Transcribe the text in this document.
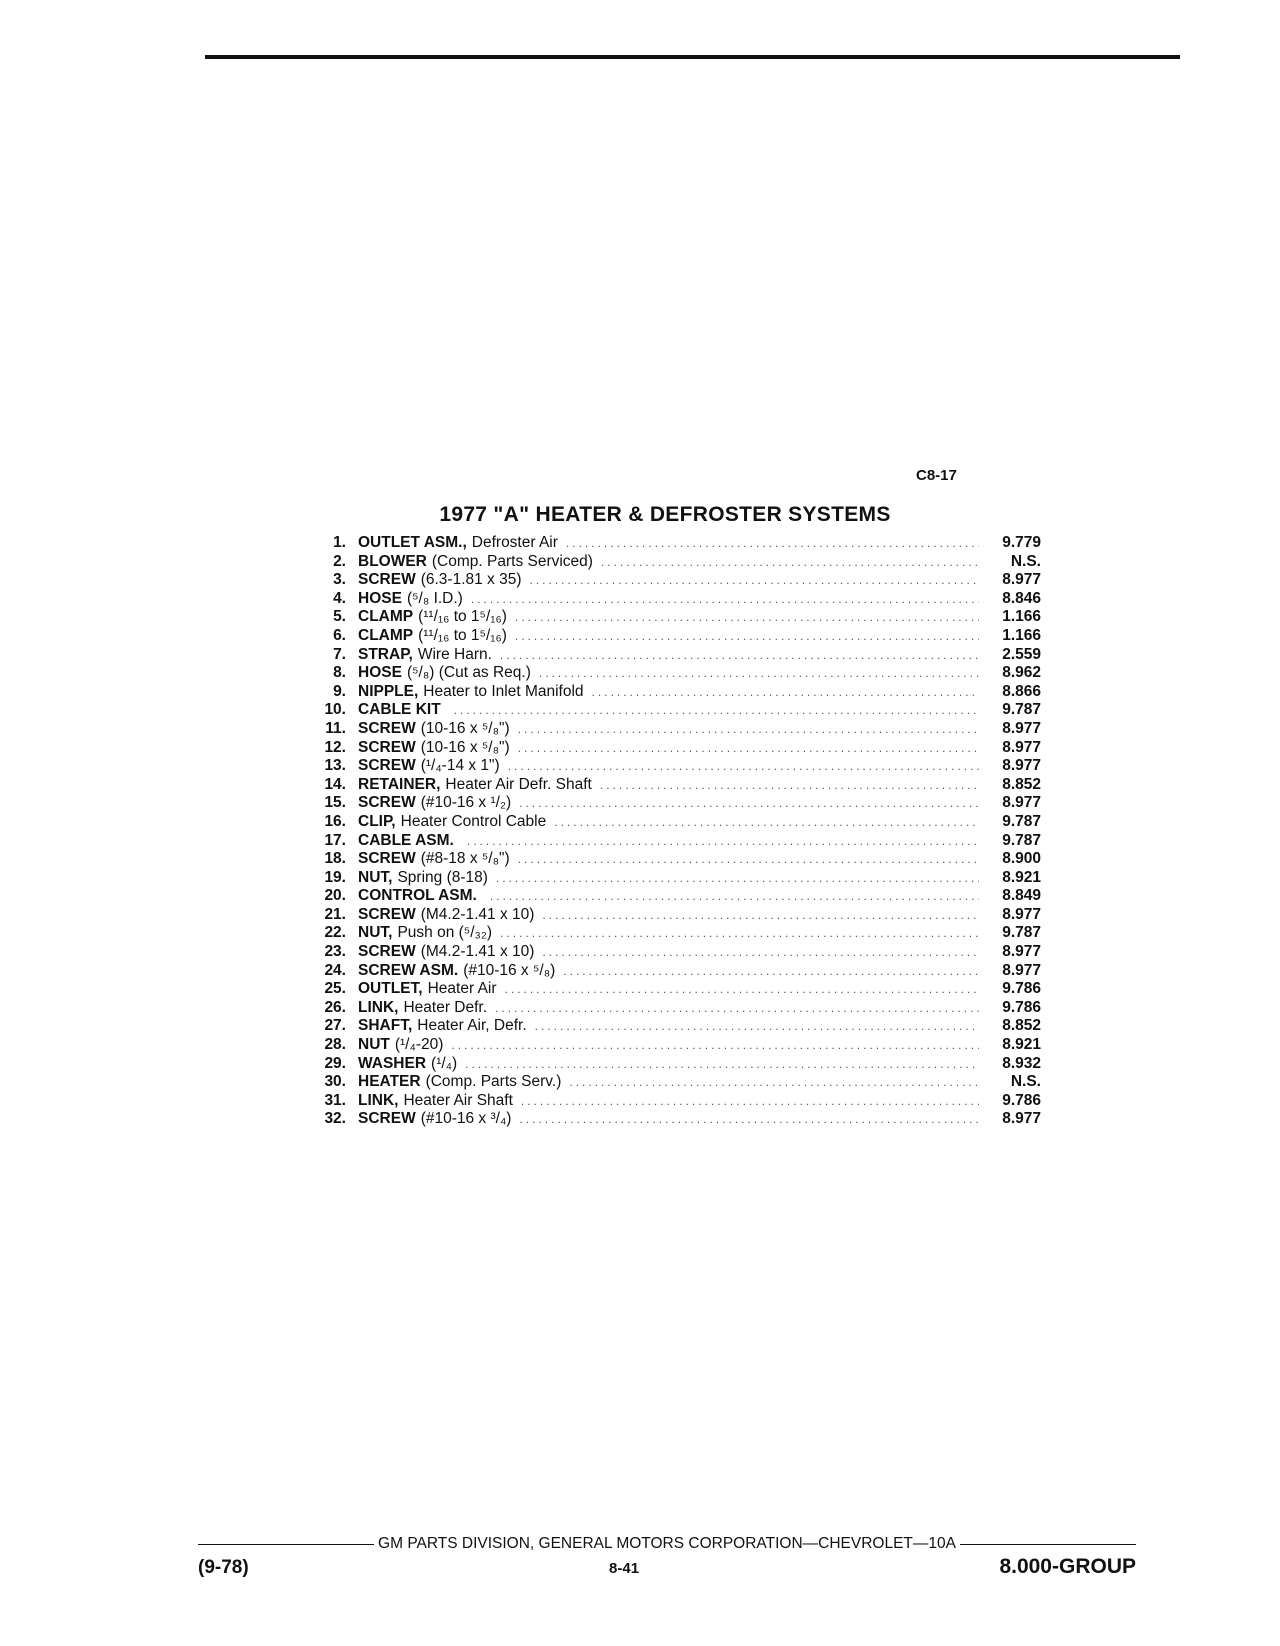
C8-17
1977 "A" HEATER & DEFROSTER SYSTEMS
1. OUTLET ASM., Defroster Air .....	9.779
2. BLOWER (Comp. Parts Serviced) .....	N.S.
3. SCREW (6.3-1.81 x 35) .....	8.977
4. HOSE (⁵/₈ I.D.) .....	8.846
5. CLAMP (¹¹/₁₆ to 1⁵/₁₆) .....	1.166
6. CLAMP (¹¹/₁₆ to 1⁵/₁₆) .....	1.166
7. STRAP, Wire Harn. .....	2.559
8. HOSE (⁵/₈) (Cut as Req.) .....	8.962
9. NIPPLE, Heater to Inlet Manifold .....	8.866
10. CABLE KIT .....	9.787
11. SCREW (10-16 x ⁵/₈") .....	8.977
12. SCREW (10-16 x ⁵/₈") .....	8.977
13. SCREW (¹/₄-14 x 1") .....	8.977
14. RETAINER, Heater Air Defr. Shaft .....	8.852
15. SCREW (#10-16 x ¹/₂) .....	8.977
16. CLIP, Heater Control Cable .....	9.787
17. CABLE ASM. .....	9.787
18. SCREW (#8-18 x ⁵/₈") .....	8.900
19. NUT, Spring (8-18) .....	8.921
20. CONTROL ASM. .....	8.849
21. SCREW (M4.2-1.41 x 10) .....	8.977
22. NUT, Push on (⁵/₃₂) .....	9.787
23. SCREW (M4.2-1.41 x 10) .....	8.977
24. SCREW ASM. (#10-16 x ⁵/₈) .....	8.977
25. OUTLET, Heater Air .....	9.786
26. LINK, Heater Defr. .....	9.786
27. SHAFT, Heater Air, Defr. .....	8.852
28. NUT (¹/₄-20) .....	8.921
29. WASHER (¹/₄) .....	8.932
30. HEATER (Comp. Parts Serv.) .....	N.S.
31. LINK, Heater Air Shaft .....	9.786
32. SCREW (#10-16 x ³/₄) .....	8.977
GM PARTS DIVISION, GENERAL MOTORS CORPORATION—CHEVROLET—10A
(9-78)	8-41	8.000-GROUP
